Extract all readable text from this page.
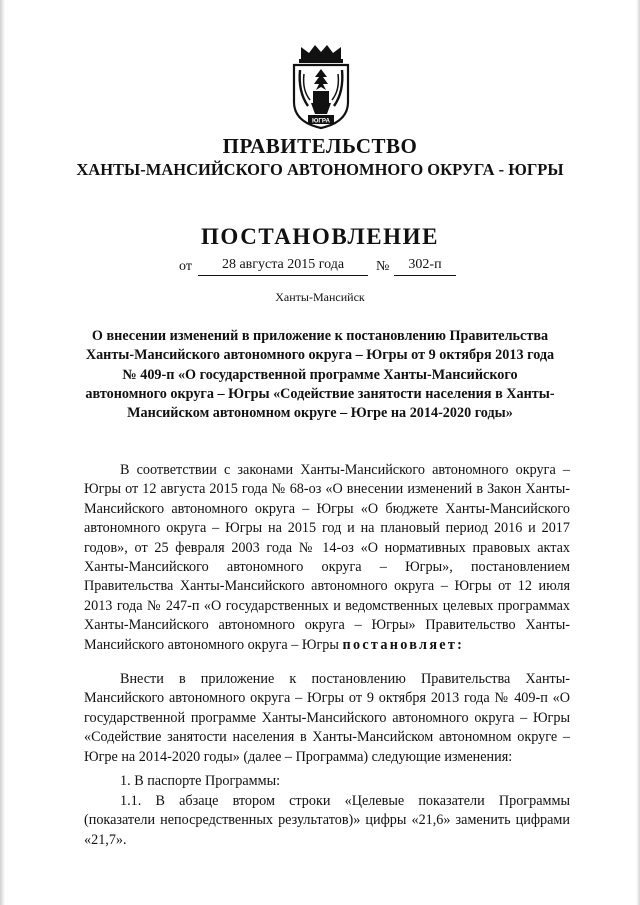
ЮГРА
ПРАВИТЕЛЬСТВО
ХАНТЫ-МАНСИЙСКОГО АВТОНОМНОГО ОКРУГА - ЮГРЫ
ПОСТАНОВЛЕНИЕ
от	28 августа 2015 года	№	302-п
Ханты-Мансийск
О внесении изменений в приложение к постановлению Правительства Ханты-Мансийского автономного округа – Югры от 9 октября 2013 года № 409-п «О государственной программе Ханты-Мансийского автономного округа – Югры «Содействие занятости населения в Ханты-Мансийском автономном округе – Югре на 2014-2020 годы»
В соответствии с законами Ханты-Мансийского автономного округа – Югры от 12 августа 2015 года № 68-оз «О внесении изменений в Закон Ханты-Мансийского автономного округа – Югры «О бюджете Ханты-Мансийского автономного округа – Югры на 2015 год и на плановый период 2016 и 2017 годов», от 25 февраля 2003 года № 14-оз «О нормативных правовых актах Ханты-Мансийского автономного округа – Югры», постановлением Правительства Ханты-Мансийского автономного округа – Югры от 12 июля 2013 года № 247-п «О государственных и ведомственных целевых программах Ханты-Мансийского автономного округа – Югры» Правительство Ханты-Мансийского автономного округа – Югры постановляет:
Внести в приложение к постановлению Правительства Ханты-Мансийского автономного округа – Югры от 9 октября 2013 года № 409-п «О государственной программе Ханты-Мансийского автономного округа – Югры «Содействие занятости населения в Ханты-Мансийском автономном округе – Югре на 2014-2020 годы» (далее – Программа) следующие изменения:
1. В паспорте Программы:
1.1. В абзаце втором строки «Целевые показатели Программы (показатели непосредственных результатов)» цифры «21,6» заменить цифрами «21,7».
